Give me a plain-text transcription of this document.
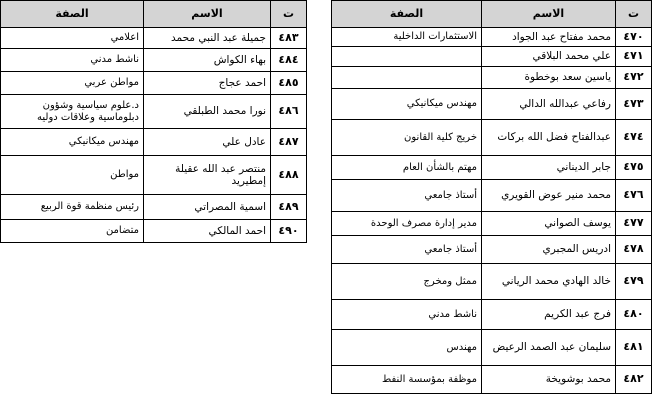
ت	الاسم	الصفة
٤٧٠	محمد مفتاح عبد الجواد	الاستثمارات الداخلية
٤٧١	علي محمد البلاقي	
٤٧٢	ياسين سعد بوخطوة	
٤٧٣	رفاعي عبدالله الدالي	مهندس ميكانيكي
٤٧٤	عبدالفتاح فضل الله بركات	خريج كلية القانون
٤٧٥	جابر الديناني	مهتم بالشأن العام
٤٧٦	محمد منير عوض القويري	أستاذ جامعي
٤٧٧	يوسف الصواني	مدير إدارة مصرف الوحدة
٤٧٨	ادريس المجبري	أستاذ جامعي
٤٧٩	خالد الهادي محمد الرياني	ممثل ومخرج
٤٨٠	فرج عبد الكريم	ناشط مدني
٤٨١	سليمان عبد الصمد الرعيض	مهندس
٤٨٢	محمد بوشويخة	موظفة بمؤسسة النفط
ت	الاسم	الصفة
٤٨٣	جميلة عبد النبي محمد	اعلامي
٤٨٤	بهاء الكواش	ناشط مدني
٤٨٥	احمد عجاج	مواطن عربي
٤٨٦	نورا محمد الطبلقي	د.علوم سياسية وشؤون دبلوماسية وعلاقات دوليه
٤٨٧	عادل علي	مهندس ميكانيكي
٤٨٨	منتصر عبد الله عقيلة إمطيريد	مواطن
٤٨٩	اسمية المصراتي	رئيس منظمة قوة الربيع
٤٩٠	احمد المالكي	متضامن
